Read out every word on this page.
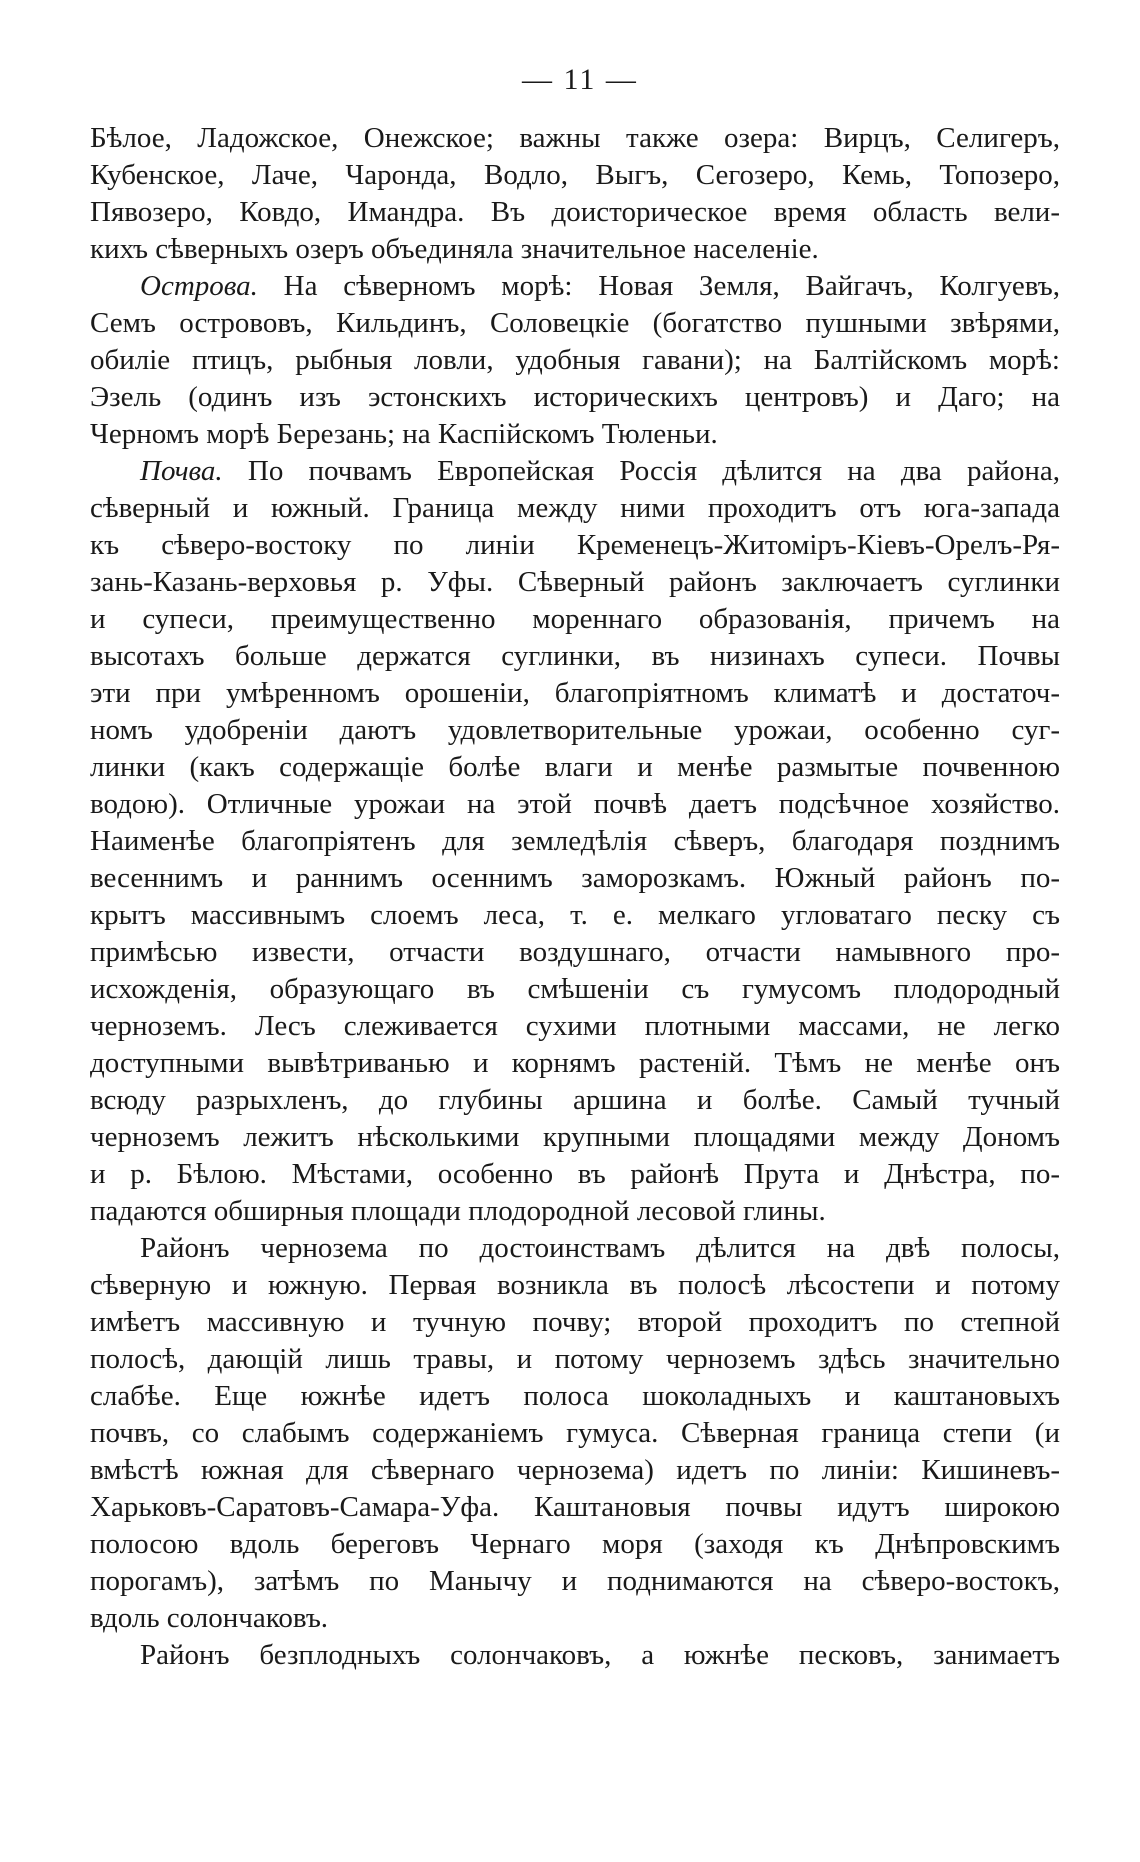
— 11 —
Бѣлое, Ладожское, Онежское; важны также озера: Вирцъ, Селигеръ,
Кубенское, Лаче, Чаронда, Водло, Выгъ, Сегозеро, Кемь, Топозеро,
Пявозеро, Ковдо, Имандра. Въ доисторическое время область вели-
кихъ сѣверныхъ озеръ объединяла значительное населеніе.
Острова. На сѣверномъ морѣ: Новая Земля, Вайгачъ, Колгуевъ,
Семъ острововъ, Кильдинъ, Соловецкіе (богатство пушными звѣрями,
обиліе птицъ, рыбныя ловли, удобныя гавани); на Балтійскомъ морѣ:
Эзель (одинъ изъ эстонскихъ историческихъ центровъ) и Даго; на
Черномъ морѣ Березань; на Каспійскомъ Тюленьи.
Почва. По почвамъ Европейская Россія дѣлится на два района,
сѣверный и южный. Граница между ними проходитъ отъ юга-запада
къ сѣверо-востоку по линіи Кременецъ-Житоміръ-Кіевъ-Орелъ-Ря-
зань-Казань-верховья р. Уфы. Сѣверный районъ заключаетъ суглинки
и супеси, преимущественно мореннаго образованія, причемъ на
высотахъ больше держатся суглинки, въ низинахъ супеси. Почвы
эти при умѣренномъ орошеніи, благопріятномъ климатѣ и достаточ-
номъ удобреніи даютъ удовлетворительные урожаи, особенно суг-
линки (какъ содержащіе болѣе влаги и менѣе размытые почвенною
водою). Отличные урожаи на этой почвѣ даетъ подсѣчное хозяйство.
Наименѣе благопріятенъ для земледѣлія сѣверъ, благодаря позднимъ
весеннимъ и раннимъ осеннимъ заморозкамъ. Южный районъ по-
крытъ массивнымъ слоемъ леса, т. е. мелкаго угловатаго песку съ
примѣсью извести, отчасти воздушнаго, отчасти намывного про-
исхожденія, образующаго въ смѣшеніи съ гумусомъ плодородный
черноземъ. Лесъ слеживается сухими плотными массами, не легко
доступными вывѣтриванью и корнямъ растеній. Тѣмъ не менѣе онъ
всюду разрыхленъ, до глубины аршина и болѣе. Самый тучный
черноземъ лежитъ нѣсколькими крупными площадями между Дономъ
и р. Бѣлою. Мѣстами, особенно въ районѣ Прута и Днѣстра, по-
падаются обширныя площади плодородной лесовой глины.
Районъ чернозема по достоинствамъ дѣлится на двѣ полосы,
сѣверную и южную. Первая возникла въ полосѣ лѣсостепи и потому
имѣетъ массивную и тучную почву; второй проходитъ по степной
полосѣ, дающій лишь травы, и потому черноземъ здѣсь значительно
слабѣе. Еще южнѣе идетъ полоса шоколадныхъ и каштановыхъ
почвъ, со слабымъ содержаніемъ гумуса. Сѣверная граница степи (и
вмѣстѣ южная для сѣвернаго чернозема) идетъ по линіи: Кишиневъ-
Харьковъ-Саратовъ-Самара-Уфа. Каштановыя почвы идутъ широкою
полосою вдоль береговъ Чернаго моря (заходя къ Днѣпровскимъ
порогамъ), затѣмъ по Манычу и поднимаются на сѣверо-востокъ,
вдоль солончаковъ.
Районъ безплодныхъ солончаковъ, а южнѣе песковъ, занимаетъ
